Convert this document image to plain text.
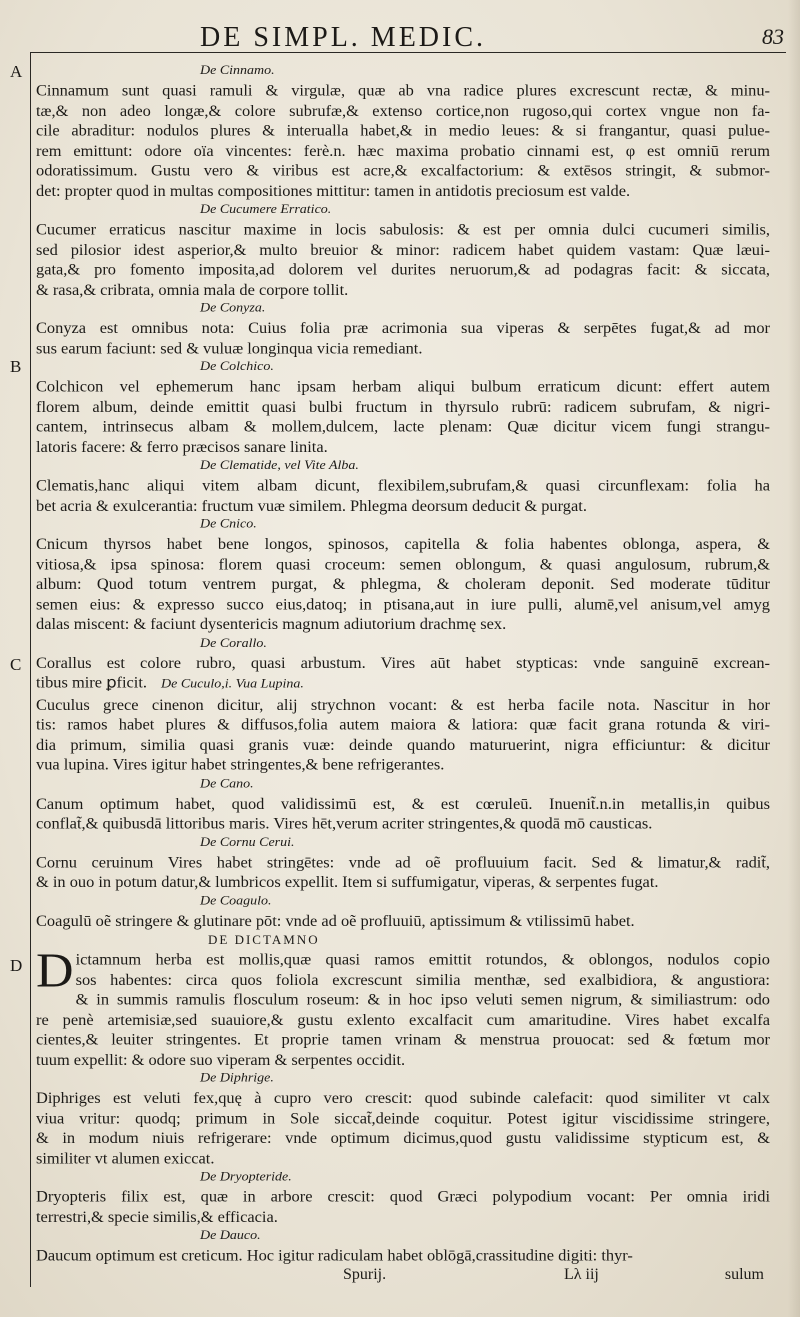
DE SIMPL. MEDIC.	83
A
B
C
D
De Cinnamo.
Cinnamum sunt quasi ramuli & virgulæ, quæ ab vna radice plures excrescunt rectæ, & minu-
tæ,& non adeo longæ,& colore subrufæ,& extenso cortice,non rugoso,qui cortex vngue non fa-
cile abraditur: nodulos plures & interualla habet,& in medio leues: & si frangantur, quasi pulue-
rem emittunt: odore oïa vincentes: ferè.n. hæc maxima probatio cinnami est, φ est omniū rerum
odoratissimum. Gustu vero & viribus est acre,& excalfactorium: & extēsos stringit, & submor-
det: propter quod in multas compositiones mittitur: tamen in antidotis preciosum est valde.
De Cucumere Erratico.
Cucumer erraticus nascitur maxime in locis sabulosis: & est per omnia dulci cucumeri similis,
sed pilosior idest asperior,& multo breuior & minor: radicem habet quidem vastam: Quæ læui-
gata,& pro fomento imposita,ad dolorem vel durites neruorum,& ad podagras facit: & siccata,
& rasa,& cribrata, omnia mala de corpore tollit.
De Conyza.
Conyza est omnibus nota: Cuius folia præ acrimonia sua viperas & serpētes fugat,& ad mor
sus earum faciunt: sed & vuluæ longinqua vicia remediant.
De Colchico.
Colchicon vel ephemerum hanc ipsam herbam aliqui bulbum erraticum dicunt: effert autem
florem album, deinde emittit quasi bulbi fructum in thyrsulo rubrū: radicem subrufam, & nigri-
cantem, intrinsecus albam & mollem,dulcem, lacte plenam: Quæ dicitur vicem fungi strangu-
latoris facere: & ferro præcisos sanare linita.
De Clematide, vel Vite Alba.
Clematis,hanc aliqui vitem albam dicunt, flexibilem,subrufam,& quasi circunflexam: folia ha
bet acria & exulcerantia: fructum vuæ similem. Phlegma deorsum deducit & purgat.
De Cnico.
Cnicum thyrsos habet bene longos, spinosos, capitella & folia habentes oblonga, aspera, &
vitiosa,& ipsa spinosa: florem quasi croceum: semen oblongum, & quasi angulosum, rubrum,&
album: Quod totum ventrem purgat, & phlegma, & choleram deponit. Sed moderate tūditur
semen eius: & expresso succo eius,datoq; in ptisana,aut in iure pulli, alumē,vel anisum,vel amyg
dalas miscent: & faciunt dysentericis magnum adiutorium drachmę sex.
De Corallo.
Corallus est colore rubro, quasi arbustum. Vires aūt habet stypticas: vnde sanguinē excrean-
tibus mire ꝑficit. De Cuculo,i. Vua Lupina.
Cuculus grece cinenon dicitur, alij strychnon vocant: & est herba facile nota. Nascitur in hor
tis: ramos habet plures & diffusos,folia autem maiora & latiora: quæ facit grana rotunda & viri-
dia primum, similia quasi granis vuæ: deinde quando maturuerint, nigra efficiuntur: & dicitur
vua lupina. Vires igitur habet stringentes,& bene refrigerantes.
De Cano.
Canum optimum habet, quod validissimū est, & est cœruleū. Inuenit̃.n.in metallis,in quibus
conflat̃,& quibusdā littoribus maris. Vires hēt,verum acriter stringentes,& quodā mō causticas.
De Cornu Cerui.
Cornu ceruinum Vires habet stringētes: vnde ad oẽ profluuium facit. Sed & limatur,& radit̃,
& in ouo in potum datur,& lumbricos expellit. Item si suffumigatur, viperas, & serpentes fugat.
De Coagulo.
Coagulū oẽ stringere & glutinare pōt: vnde ad oẽ profluuiū, aptissimum & vtilissimū habet.
DE DICTAMNO
D ictamnum herba est mollis,quæ quasi ramos emittit rotundos, & oblongos, nodulos copio
sos habentes: circa quos foliola excrescunt similia menthæ, sed exalbidiora, & angustiora:
& in summis ramulis flosculum roseum: & in hoc ipso veluti semen nigrum, & similiastrum: odo
re penè artemisiæ,sed suauiore,& gustu exlento excalfacit cum amaritudine. Vires habet excalfa
cientes,& leuiter stringentes. Et proprie tamen vrinam & menstrua prouocat: sed & fœtum mor
tuum expellit: & odore suo viperam & serpentes occidit.
De Diphrige.
Diphriges est veluti fex,quę à cupro vero crescit: quod subinde calefacit: quod similiter vt calx
viua vritur: quodq; primum in Sole siccat̃,deinde coquitur. Potest igitur viscidissime stringere,
& in modum niuis refrigerare: vnde optimum dicimus,quod gustu validissime stypticum est, &
similiter vt alumen exiccat.
De Dryopteride.
Dryopteris filix est, quæ in arbore crescit: quod Græci polypodium vocant: Per omnia iridi
terrestri,& specie similis,& efficacia.
De Dauco.
Daucum optimum est creticum. Hoc igitur radiculam habet oblōgā,crassitudine digiti: thyr-
Spurij.	Lλ iij	sulum
